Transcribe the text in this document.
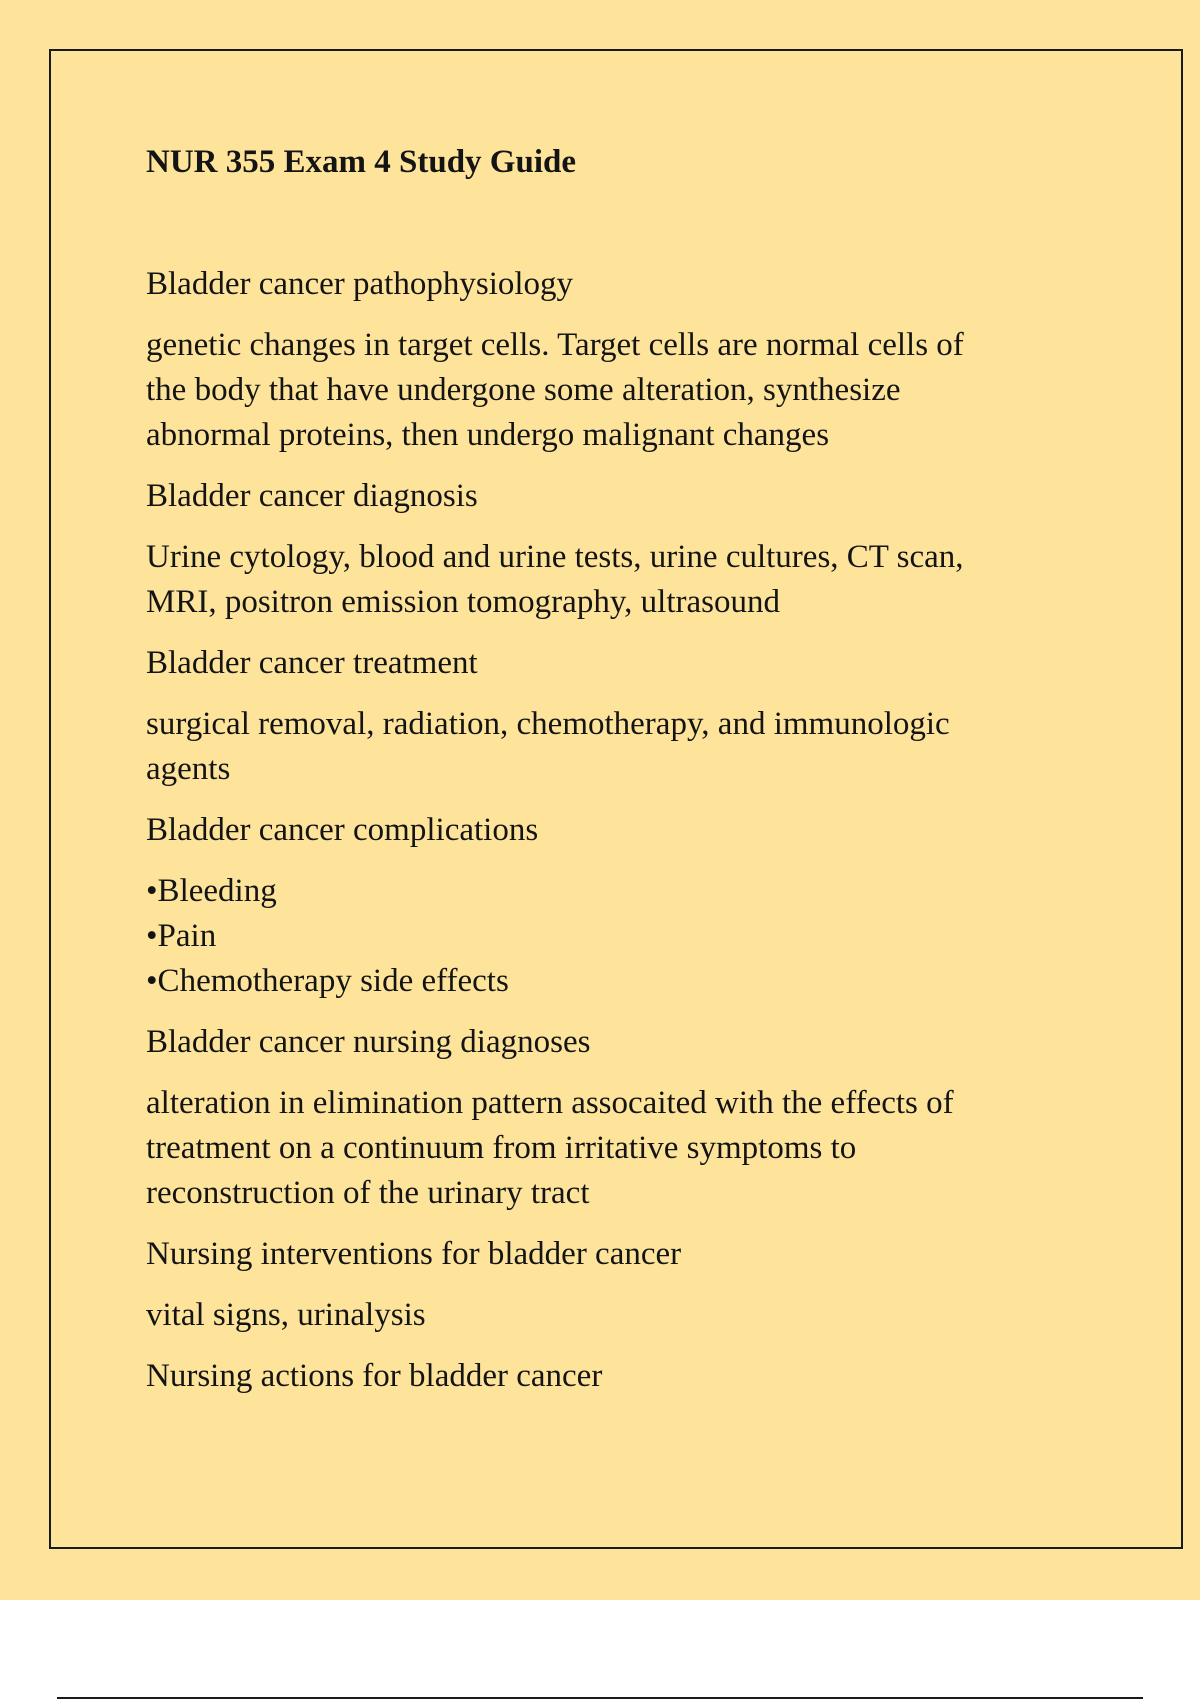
NUR 355 Exam 4 Study Guide
Bladder cancer pathophysiology
genetic changes in target cells. Target cells are normal cells of
the body that have undergone some alteration, synthesize
abnormal proteins, then undergo malignant changes
Bladder cancer diagnosis
Urine cytology, blood and urine tests, urine cultures, CT scan,
MRI, positron emission tomography, ultrasound
Bladder cancer treatment
surgical removal, radiation, chemotherapy, and immunologic
agents
Bladder cancer complications
•Bleeding
•Pain
•Chemotherapy side effects
Bladder cancer nursing diagnoses
alteration in elimination pattern assocaited with the effects of
treatment on a continuum from irritative symptoms to
reconstruction of the urinary tract
Nursing interventions for bladder cancer
vital signs, urinalysis
Nursing actions for bladder cancer
